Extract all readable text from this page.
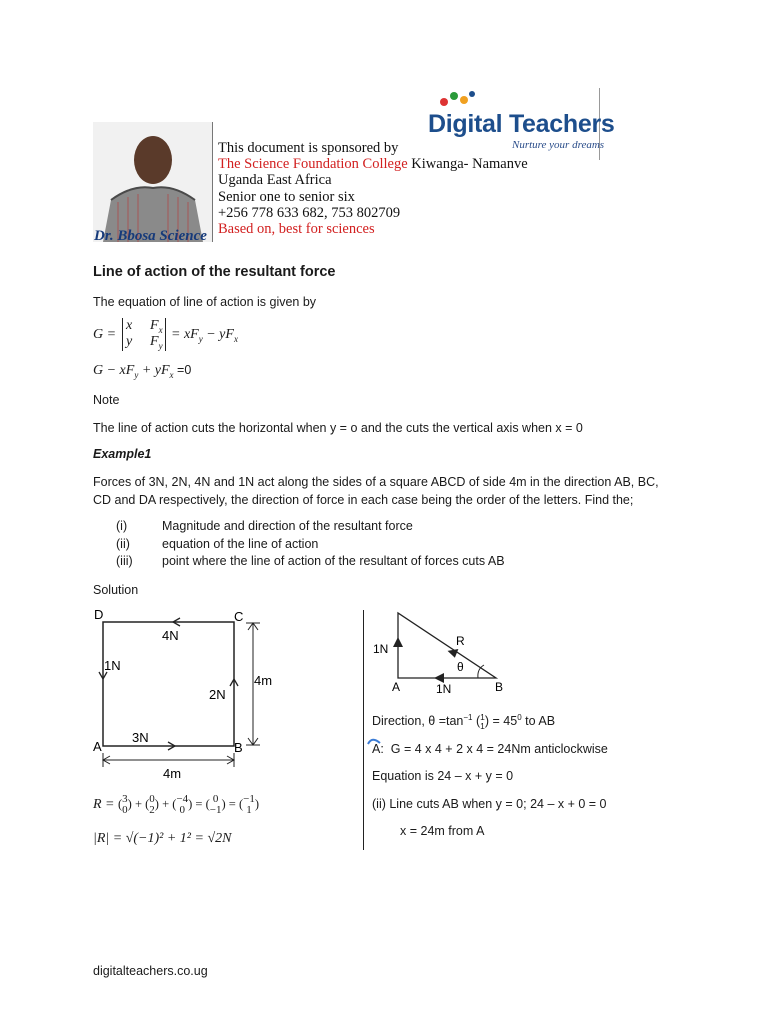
Dr. Bbosa Science
Digital Teachers
Nurture your dreams
This document is sponsored by
The Science Foundation College Kiwanga- Namanve
Uganda East Africa
Senior one to senior six
+256 778 633 682, 753 802709
Based on, best for sciences
Line of action of the resultant force
The equation of line of action is given by
G =
x $F_x$
y $F_y$
= $xF_y - yF_x$
$G - xF_y + yF_x =0$
Note
The line of action cuts the horizontal when y = o and the cuts the vertical axis when x = 0
Example1
Forces of 3N, 2N, 4N and 1N act along the sides of a square ABCD of side 4m in the direction AB, BC,
CD and DA respectively, the direction of force in each case being the order of the letters. Find the;
(i)	Magnitude and direction of the resultant force
(ii)	equation of the line of action
(iii) point where the line of action of the resultant of forces cuts AB
Solution
D	C
A	B
4N
1N
2N
3N
4m
4m
R = (3
0) + (0
2) + (−4
0 ) = ( 0
−1) = (−1
1 )
|R| = √(−1)² + 1² = √2N
1N
1N
R
θ
A	B
Direction, $\theta =\tan^{-1}$ (1
$1) = 45^0$ to AB
A: G = 4 x 4 + 2 x 4 = 24Nm anticlockwise
Equation is 24 – x + y = 0
(ii) Line cuts AB when y = 0; 24 – x + 0 = 0
x = 24m from A
digitalteachers.co.ug
